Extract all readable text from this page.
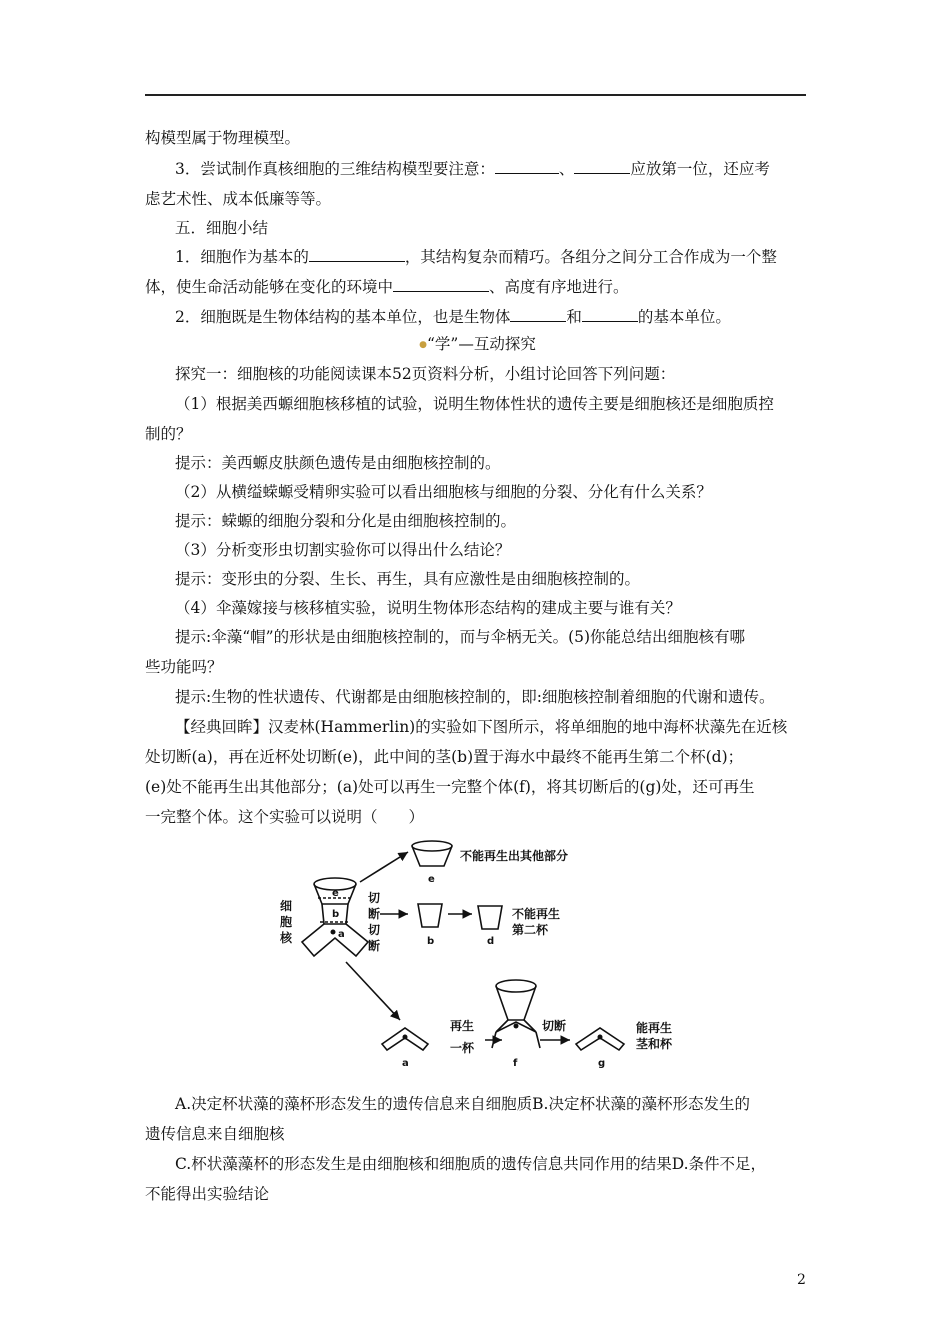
构模型属于物理模型。
3．尝试制作真核细胞的三维结构模型要注意：	、	应放第一位，还应考
虑艺术性、成本低廉等等。
五．细胞小结
1．细胞作为基本的	，其结构复杂而精巧。各组分之间分工合作成为一个整
体，使生命活动能够在变化的环境中	、高度有序地进行。
2．细胞既是生物体结构的基本单位，也是生物体	和	的基本单位。
●“学”—互动探究
探究一：细胞核的功能阅读课本52页资料分析，小组讨论回答下列问题：
（1）根据美西螈细胞核移植的试验，说明生物体性状的遗传主要是细胞核还是细胞质控
制的？
提示：美西螈皮肤颜色遗传是由细胞核控制的。
（2）从横缢蝾螈受精卵实验可以看出细胞核与细胞的分裂、分化有什么关系？
提示：蝾螈的细胞分裂和分化是由细胞核控制的。
（3）分析变形虫切割实验你可以得出什么结论？
提示：变形虫的分裂、生长、再生，具有应激性是由细胞核控制的。
（4）伞藻嫁接与核移植实验，说明生物体形态结构的建成主要与谁有关？
提示:伞藻“帽”的形状是由细胞核控制的，而与伞柄无关。(5)你能总结出细胞核有哪
些功能吗？
提示:生物的性状遗传、代谢都是由细胞核控制的，即:细胞核控制着细胞的代谢和遗传。
【经典回眸】汉麦林(Hammerlin)的实验如下图所示，将单细胞的地中海杯状藻先在近核
处切断(a)，再在近杯处切断(e)，此中间的茎(b)置于海水中最终不能再生第二个杯(d)；
(e)处不能再生出其他部分；(a)处可以再生一完整个体(f)，将其切断后的(g)处，还可再生
一完整个体。这个实验可以说明（　　）
细
胞
核
e
b
a
切
断
切
断
不能再生出其他部分
e
b	d
不能再生
第二杯
再生
一杯
a	f
切断
g
能再生
茎和杯
A.决定杯状藻的藻杯形态发生的遗传信息来自细胞质B.决定杯状藻的藻杯形态发生的
遗传信息来自细胞核
C.杯状藻藻杯的形态发生是由细胞核和细胞质的遗传信息共同作用的结果D.条件不足，
不能得出实验结论
2
